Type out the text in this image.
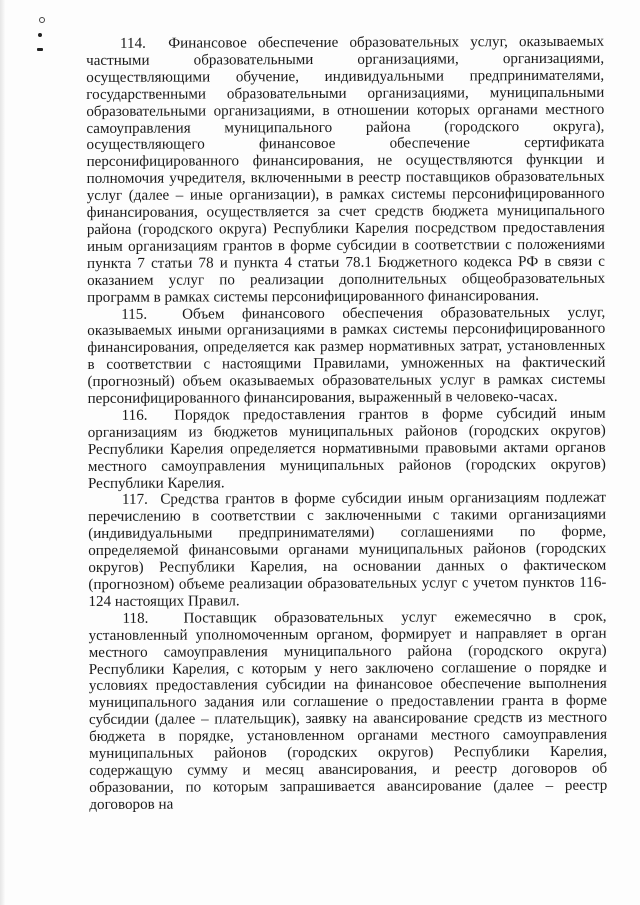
114.  Финансовое обеспечение образовательных услуг, оказываемых частными образовательными организациями, организациями, осуществляющими обучение, индивидуальными предпринимателями, государственными образовательными организациями, муниципальными образовательными организациями, в отношении которых органами местного самоуправления муниципального района (городского округа), осуществляющего финансовое обеспечение сертификата персонифицированного финансирования, не осуществляются функции и полномочия учредителя, включенными в реестр поставщиков образовательных услуг (далее – иные организации), в рамках системы персонифицированного финансирования, осуществляется за счет средств бюджета муниципального района (городского округа) Республики Карелия посредством предоставления иным организациям грантов в форме субсидии в соответствии с положениями пункта 7 статьи 78 и пункта 4 статьи 78.1 Бюджетного кодекса РФ в связи с оказанием услуг по реализации дополнительных общеобразовательных программ в рамках системы персонифицированного финансирования.

115.  Объем финансового обеспечения образовательных услуг, оказываемых иными организациями в рамках системы персонифицированного финансирования, определяется как размер нормативных затрат, установленных в соответствии с настоящими Правилами, умноженных на фактический (прогнозный) объем оказываемых образовательных услуг в рамках системы персонифицированного финансирования, выраженный в человеко-часах.

116.  Порядок предоставления грантов в форме субсидий иным организациям из бюджетов муниципальных районов (городских округов) Республики Карелия определяется нормативными правовыми актами органов местного самоуправления муниципальных районов (городских округов) Республики Карелия.

117.  Средства грантов в форме субсидии иным организациям подлежат перечислению в соответствии с заключенными с такими организациями (индивидуальными предпринимателями) соглашениями по форме, определяемой финансовыми органами муниципальных районов (городских округов) Республики Карелия, на основании данных о фактическом (прогнозном) объеме реализации образовательных услуг с учетом пунктов 116-124 настоящих Правил.

118.  Поставщик образовательных услуг ежемесячно в срок, установленный уполномоченным органом, формирует и направляет в орган местного самоуправления муниципального района (городского округа) Республики Карелия, с которым у него заключено соглашение о порядке и условиях предоставления субсидии на финансовое обеспечение выполнения муниципального задания или соглашение о предоставлении гранта в форме субсидии (далее – плательщик), заявку на авансирование средств из местного бюджета в порядке, установленном органами местного самоуправления муниципальных районов (городских округов) Республики Карелия, содержащую сумму и месяц авансирования, и реестр договоров об образовании, по которым запрашивается авансирование (далее – реестр договоров на
